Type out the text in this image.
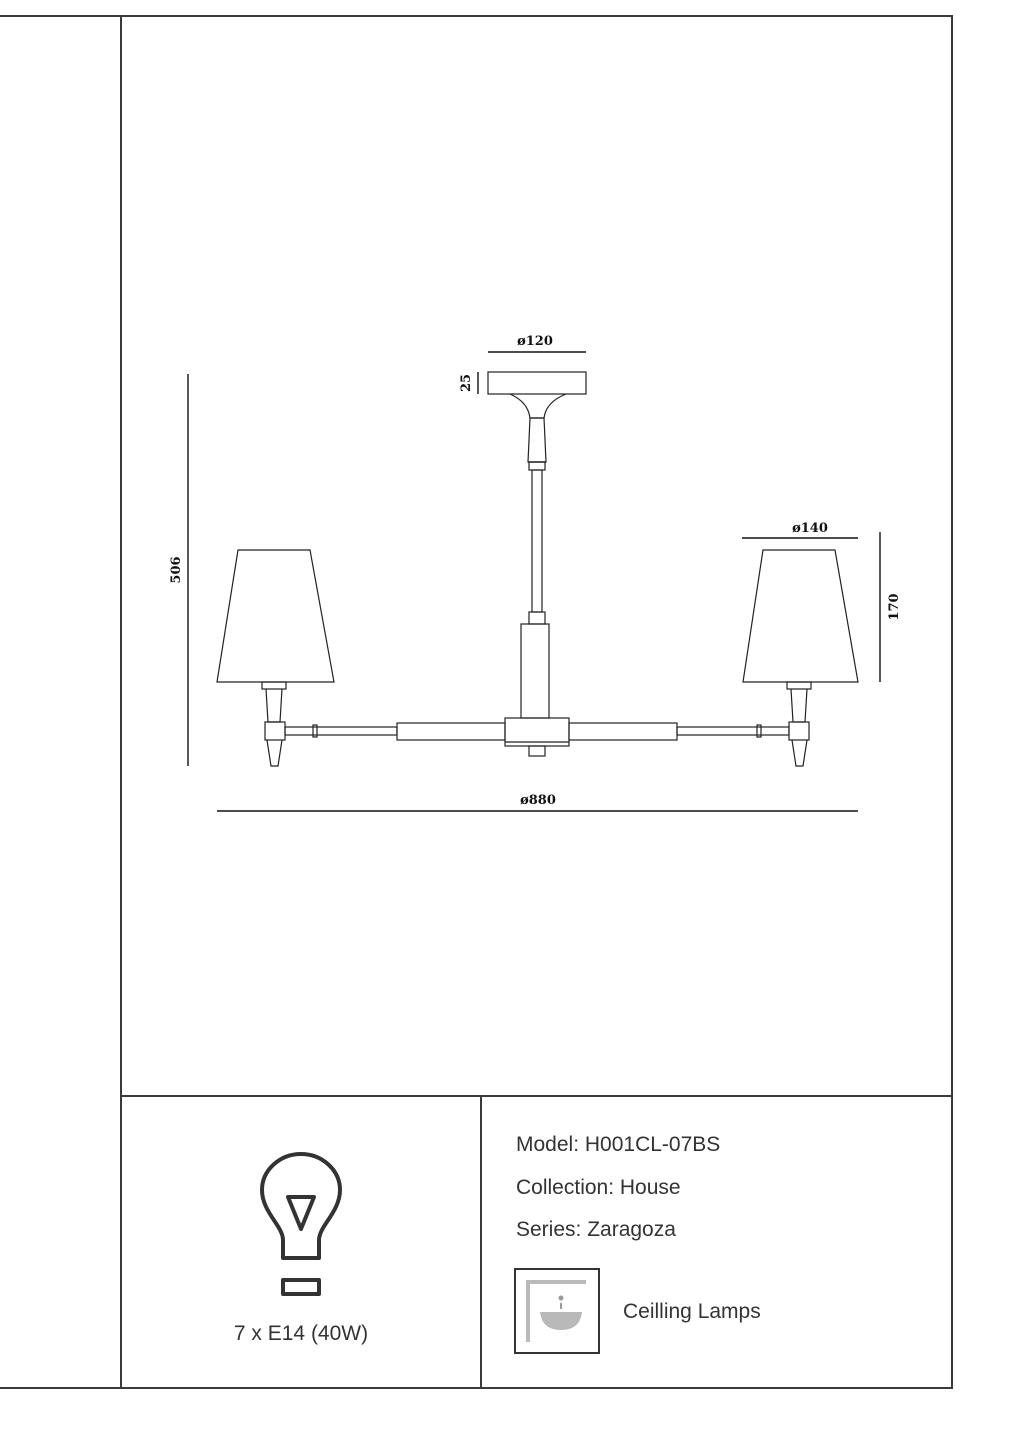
ø120
25
506
ø140
170
ø880
7 x E14 (40W)
Model: H001CL-07BS
Collection: House
Series: Zaragoza
Ceilling Lamps
